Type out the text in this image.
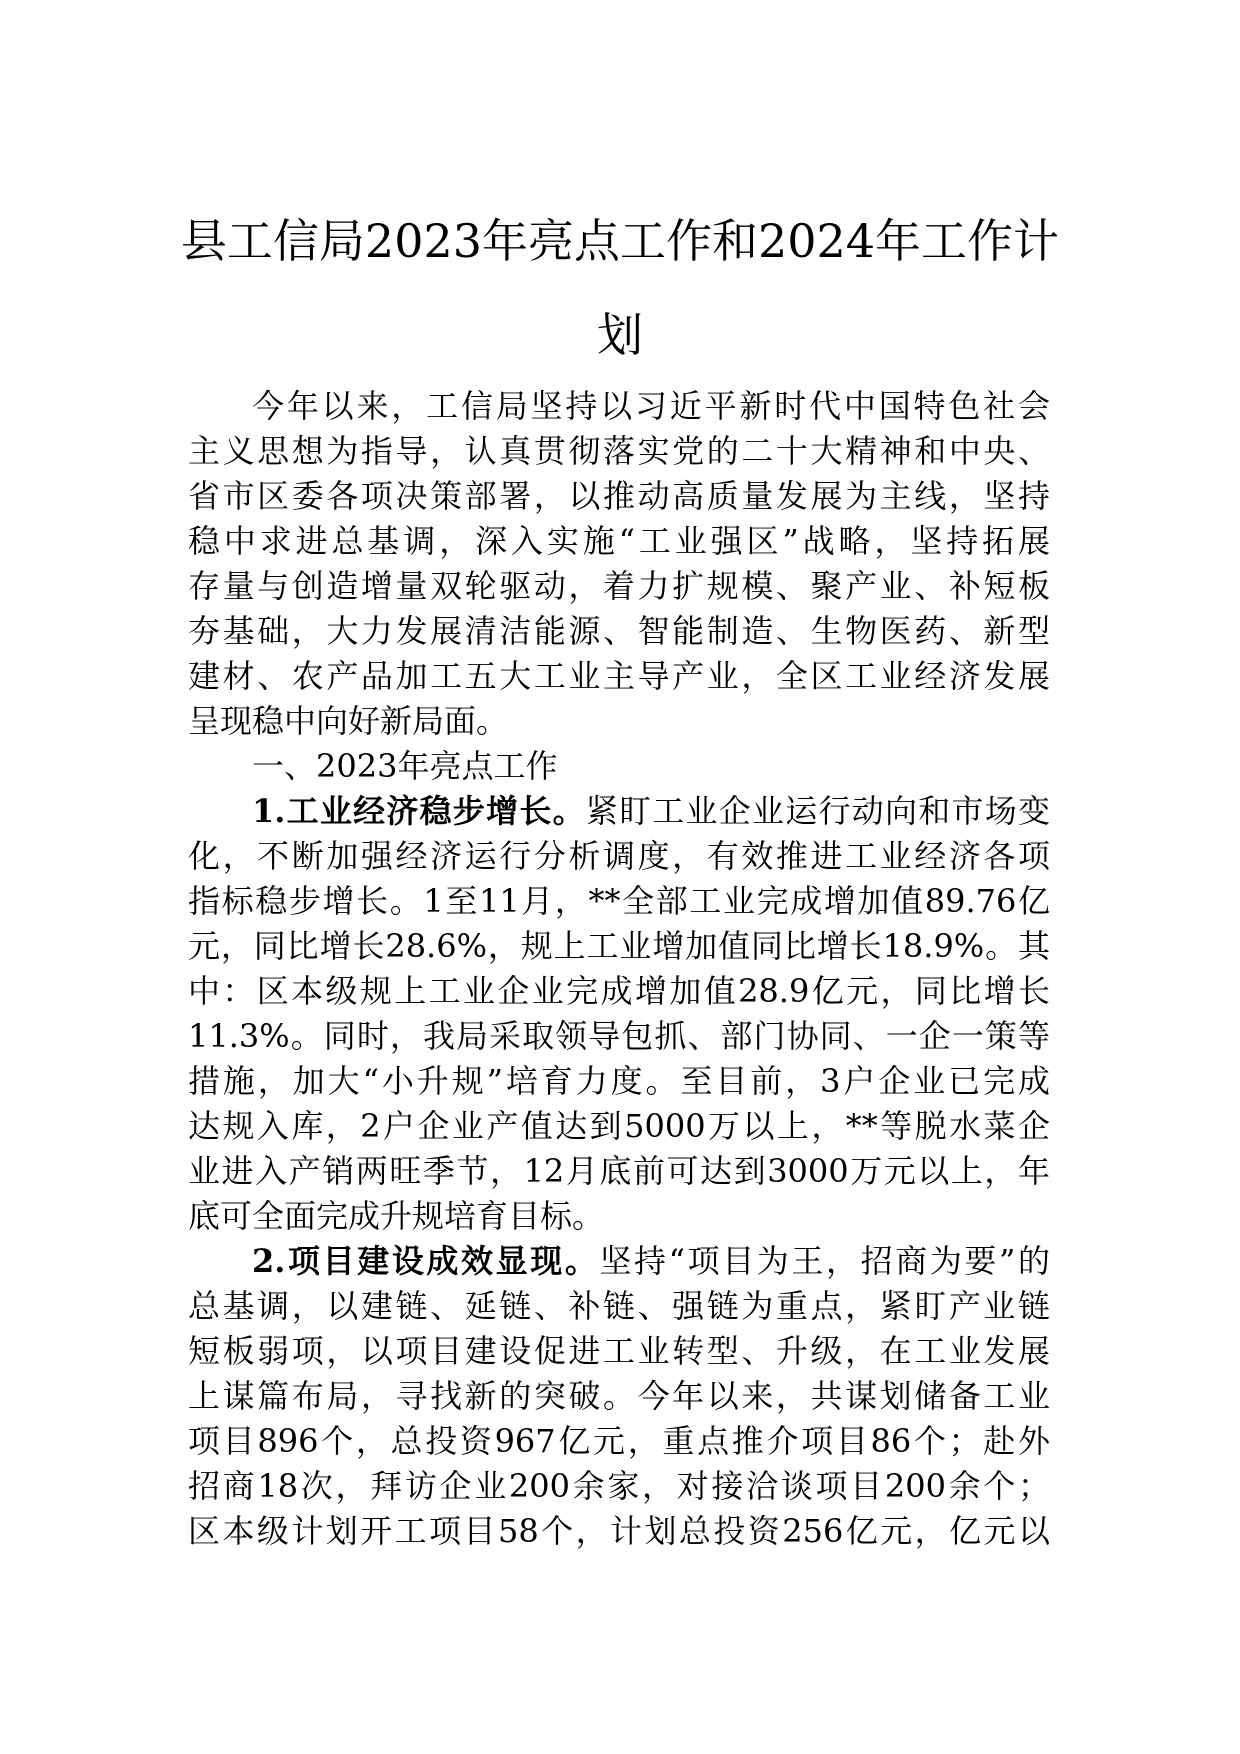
县工信局2023年亮点工作和2024年工作计
划
今年以来，工信局坚持以习近平新时代中国特色社会
主义思想为指导，认真贯彻落实党的二十大精神和中央、
省市区委各项决策部署，以推动高质量发展为主线，坚持
稳中求进总基调，深入实施“工业强区”战略，坚持拓展
存量与创造增量双轮驱动，着力扩规模、聚产业、补短板
夯基础，大力发展清洁能源、智能制造、生物医药、新型
建材、农产品加工五大工业主导产业，全区工业经济发展
呈现稳中向好新局面。
一、2023年亮点工作
1.工业经济稳步增长。紧盯工业企业运行动向和市场变
化，不断加强经济运行分析调度，有效推进工业经济各项
指标稳步增长。1至11月，**全部工业完成增加值89.76亿
元，同比增长28.6%，规上工业增加值同比增长18.9%。其
中：区本级规上工业企业完成增加值28.9亿元，同比增长
11.3%。同时，我局采取领导包抓、部门协同、一企一策等
措施，加大“小升规”培育力度。至目前，3户企业已完成
达规入库，2户企业产值达到5000万以上，**等脱水菜企
业进入产销两旺季节，12月底前可达到3000万元以上，年
底可全面完成升规培育目标。
2.项目建设成效显现。坚持“项目为王，招商为要”的
总基调，以建链、延链、补链、强链为重点，紧盯产业链
短板弱项，以项目建设促进工业转型、升级，在工业发展
上谋篇布局，寻找新的突破。今年以来，共谋划储备工业
项目896个，总投资967亿元，重点推介项目86个；赴外
招商18次，拜访企业200余家，对接洽谈项目200余个；
区本级计划开工项目58个，计划总投资256亿元，亿元以
